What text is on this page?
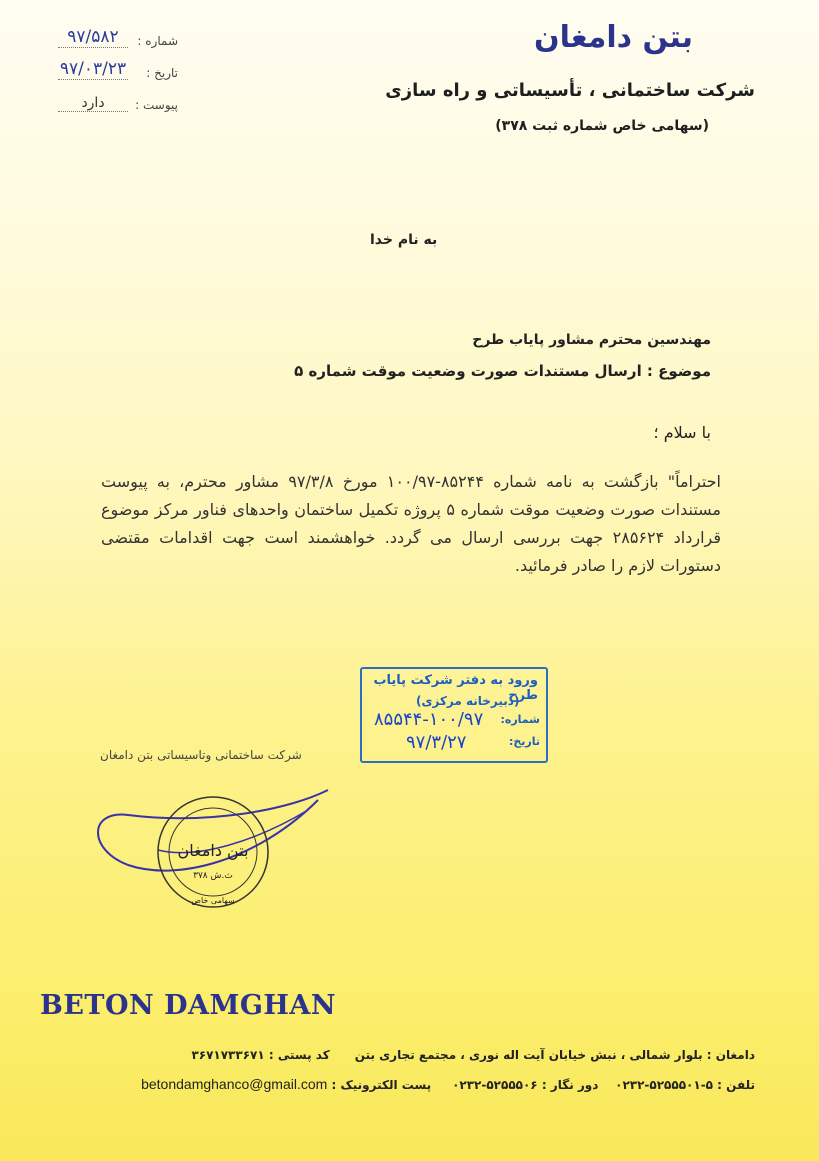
بتن دامغان
شرکت ساختمانی ، تأسیساتی و راه سازی
(سهامی خاص شماره ثبت ۳۷۸)
شماره :
۹۷/۵۸۲
تاریخ :
۹۷/۰۳/۲۳
پیوست :
دارد
به نام خدا
مهندسین محترم مشاور پایاب طرح
موضوع : ارسال مستندات صورت وضعیت موقت شماره ۵
با سلام ؛
احتراماً" بازگشت به نامه شماره ۸۵۲۴۴-۱۰۰/۹۷ مورخ ۹۷/۳/۸ مشاور محترم، به پیوست مستندات صورت وضعیت موقت شماره ۵ پروژه تکمیل ساختمان واحدهای فناور مرکز موضوع قرارداد ۲۸۵۶۲۴ جهت بررسی ارسال می گردد. خواهشمند است جهت اقدامات مقتضی دستورات لازم را صادر فرمائید.
ورود به دفتر شرکت پایاب طرح
(دبیرخانه مرکزی)
شماره:
۸۵۵۴۴-۱۰۰/۹۷
تاریخ:
۹۷/۳/۲۷
شرکت ساختمانی وتاسیساتی بتن دامغان
بتن دامغان
ث.ش ۳۷۸
سهامی خاص
BETON DAMGHAN
دامغان : بلوار شمالی ، نبش خیابان آیت اله نوری ، مجتمع تجاری بتن      کد پستی : ۳۶۷۱۷۳۳۶۷۱
تلفن : ۵-۵۲۵۵۵۰۱-۰۲۳۲    دور نگار : ۵۲۵۵۵۰۶-۰۲۳۲     پست الکترونیک : betondamghanco@gmail.com
